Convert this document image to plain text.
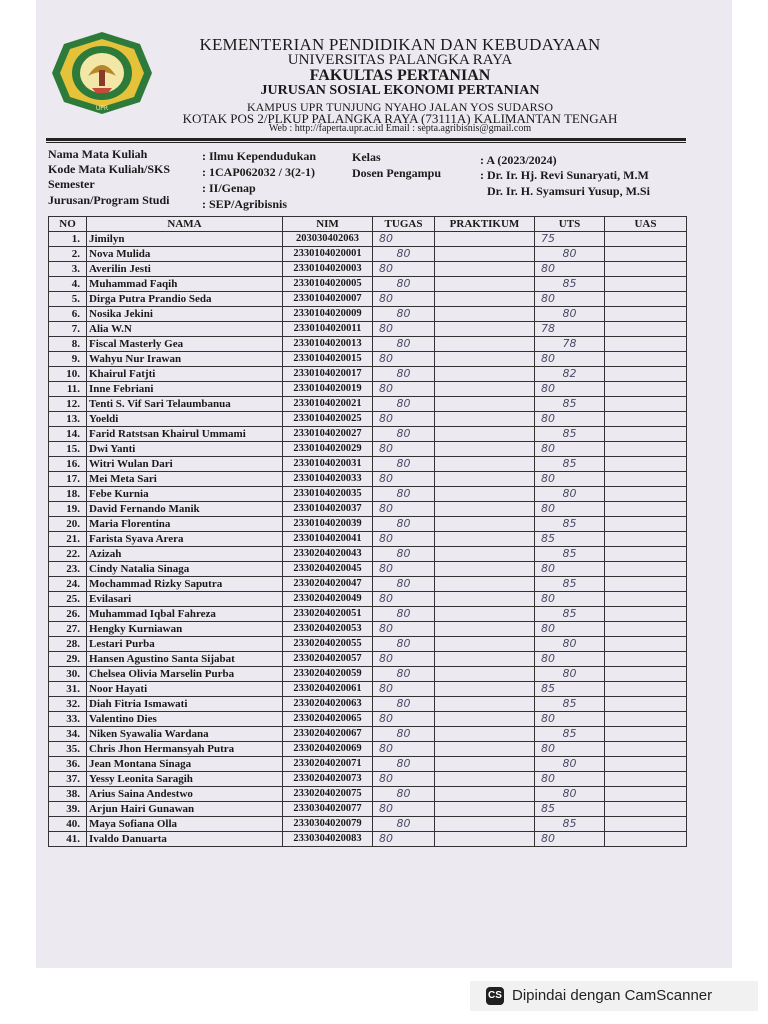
UPR
KEMENTERIAN PENDIDIKAN DAN KEBUDAYAAN
UNIVERSITAS PALANGKA RAYA
FAKULTAS PERTANIAN
JURUSAN SOSIAL EKONOMI PERTANIAN
KAMPUS UPR TUNJUNG NYAHO JALAN YOS SUDARSO
KOTAK POS 2/PLKUP PALANGKA RAYA (73111A) KALIMANTAN TENGAH
Web : http://faperta.upr.ac.id Email : septa.agribisnis@gmail.com
Nama Mata Kuliah	: Ilmu Kependudukan
Kode Mata Kuliah/SKS	: 1CAP062032 / 3(2-1)
Semester	: II/Genap
Jurusan/Program Studi	: SEP/Agribisnis
Kelas	: A (2023/2024)
Dosen Pengampu	: Dr. Ir. Hj. Revi Sunaryati, M.M
Dr. Ir. H. Syamsuri Yusup, M.Si
NO	NAMA	NIM	TUGAS	PRAKTIKUM	UTS	UAS
1.	Jimilyn	203030402063	80		75	
2.	Nova Mulida	2330104020001	80		80	
3.	Averilin Jesti	2330104020003	80		80	
4.	Muhammad Faqih	2330104020005	80		85	
5.	Dirga Putra Prandio Seda	2330104020007	80		80	
6.	Nosika Jekini	2330104020009	80		80	
7.	Alia W.N	2330104020011	80		78	
8.	Fiscal Masterly Gea	2330104020013	80		78	
9.	Wahyu Nur Irawan	2330104020015	80		80	
10.	Khairul Fatjti	2330104020017	80		82	
11.	Inne Febriani	2330104020019	80		80	
12.	Tenti S. Vif Sari Telaumbanua	2330104020021	80		85	
13.	Yoeldi	2330104020025	80		80	
14.	Farid Ratstsan Khairul Ummami	2330104020027	80		85	
15.	Dwi Yanti	2330104020029	80		80	
16.	Witri Wulan Dari	2330104020031	80		85	
17.	Mei Meta Sari	2330104020033	80		80	
18.	Febe Kurnia	2330104020035	80		80	
19.	David Fernando Manik	2330104020037	80		80	
20.	Maria Florentina	2330104020039	80		85	
21.	Farista Syava Arera	2330104020041	80		85	
22.	Azizah	2330204020043	80		85	
23.	Cindy Natalia Sinaga	2330204020045	80		80	
24.	Mochammad Rizky Saputra	2330204020047	80		85	
25.	Evilasari	2330204020049	80		80	
26.	Muhammad Iqbal Fahreza	2330204020051	80		85	
27.	Hengky Kurniawan	2330204020053	80		80	
28.	Lestari Purba	2330204020055	80		80	
29.	Hansen Agustino Santa Sijabat	2330204020057	80		80	
30.	Chelsea Olivia Marselin Purba	2330204020059	80		80	
31.	Noor Hayati	2330204020061	80		85	
32.	Diah Fitria Ismawati	2330204020063	80		85	
33.	Valentino Dies	2330204020065	80		80	
34.	Niken Syawalia Wardana	2330204020067	80		85	
35.	Chris Jhon Hermansyah Putra	2330204020069	80		80	
36.	Jean Montana Sinaga	2330204020071	80		80	
37.	Yessy Leonita Saragih	2330204020073	80		80	
38.	Arius Saina Andestwo	2330204020075	80		80	
39.	Arjun Hairi Gunawan	2330304020077	80		85	
40.	Maya Sofiana Olla	2330304020079	80		85	
41.	Ivaldo Danuarta	2330304020083	80		80	
CS Dipindai dengan CamScanner
